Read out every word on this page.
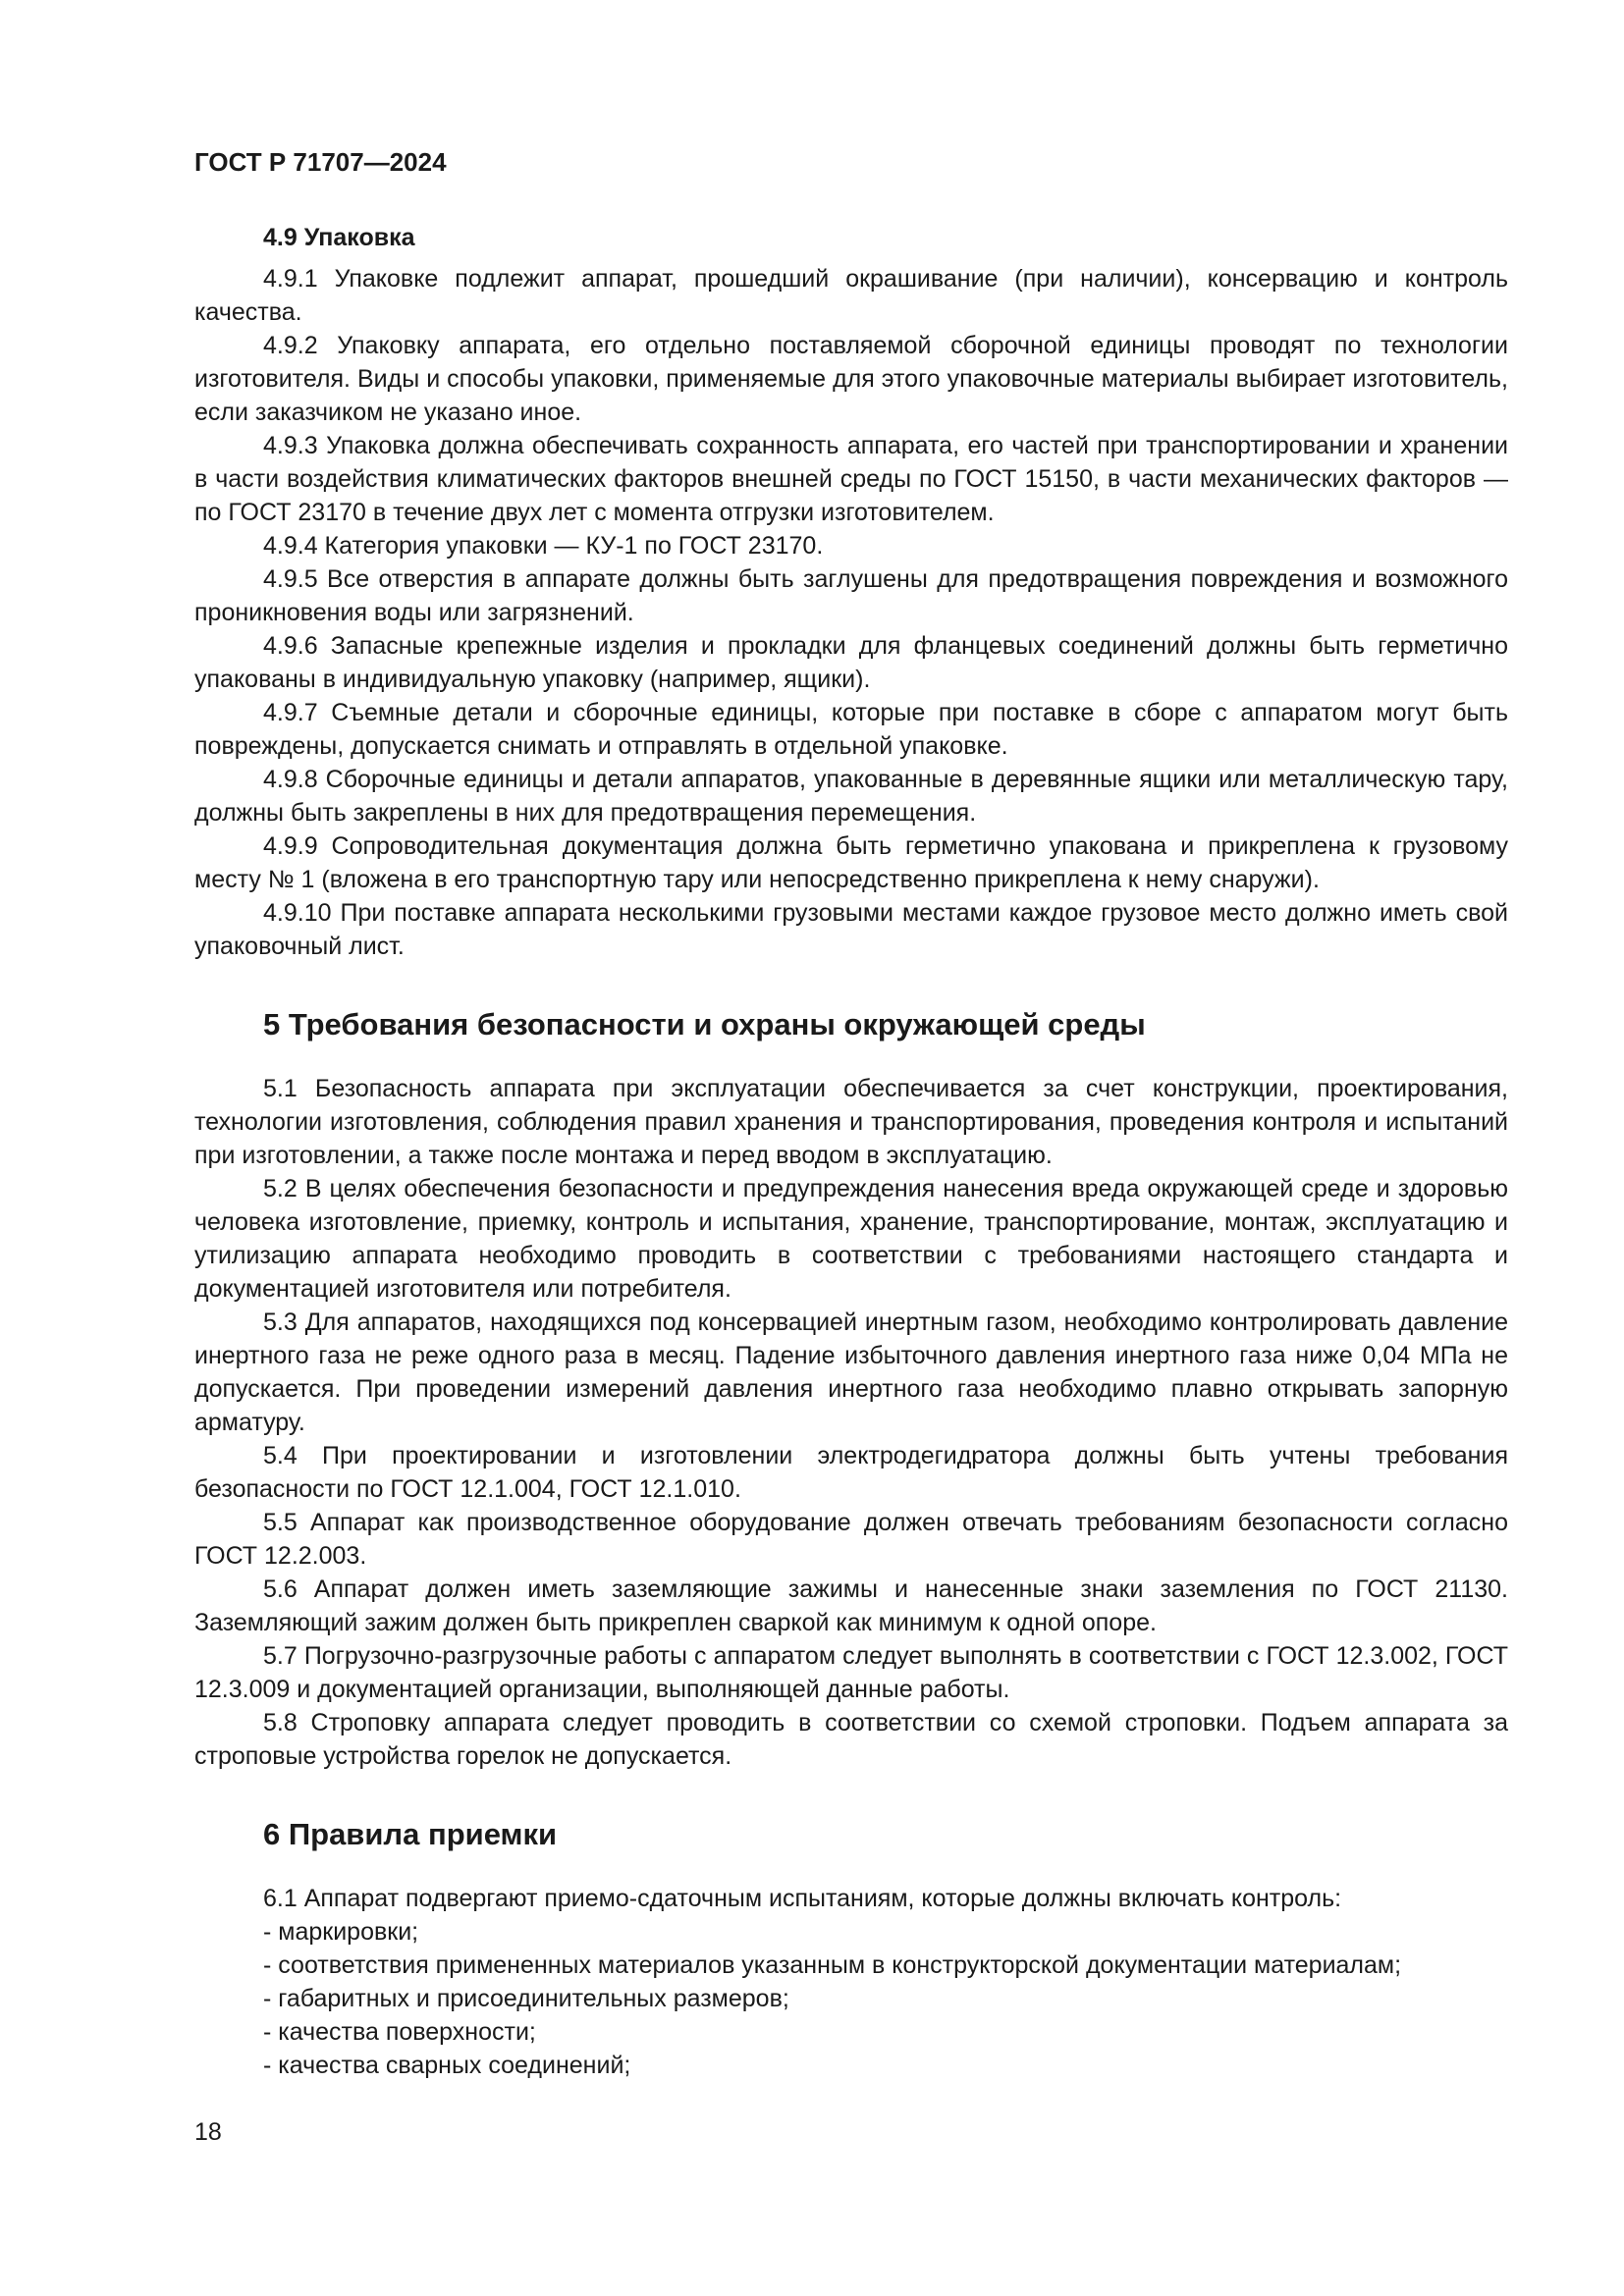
ГОСТ Р 71707—2024

4.9 Упаковка

4.9.1 Упаковке подлежит аппарат, прошедший окрашивание (при наличии), консервацию и контроль качества.

4.9.2 Упаковку аппарата, его отдельно поставляемой сборочной единицы проводят по технологии изготовителя. Виды и способы упаковки, применяемые для этого упаковочные материалы выбирает изготовитель, если заказчиком не указано иное.

4.9.3 Упаковка должна обеспечивать сохранность аппарата, его частей при транспортировании и хранении в части воздействия климатических факторов внешней среды по ГОСТ 15150, в части механических факторов — по ГОСТ 23170 в течение двух лет с момента отгрузки изготовителем.

4.9.4 Категория упаковки — КУ-1 по ГОСТ 23170.

4.9.5 Все отверстия в аппарате должны быть заглушены для предотвращения повреждения и возможного проникновения воды или загрязнений.

4.9.6 Запасные крепежные изделия и прокладки для фланцевых соединений должны быть герметично упакованы в индивидуальную упаковку (например, ящики).

4.9.7 Съемные детали и сборочные единицы, которые при поставке в сборе с аппаратом могут быть повреждены, допускается снимать и отправлять в отдельной упаковке.

4.9.8 Сборочные единицы и детали аппаратов, упакованные в деревянные ящики или металлическую тару, должны быть закреплены в них для предотвращения перемещения.

4.9.9 Сопроводительная документация должна быть герметично упакована и прикреплена к грузовому месту № 1 (вложена в его транспортную тару или непосредственно прикреплена к нему снаружи).

4.9.10 При поставке аппарата несколькими грузовыми местами каждое грузовое место должно иметь свой упаковочный лист.

5 Требования безопасности и охраны окружающей среды

5.1 Безопасность аппарата при эксплуатации обеспечивается за счет конструкции, проектирования, технологии изготовления, соблюдения правил хранения и транспортирования, проведения контроля и испытаний при изготовлении, а также после монтажа и перед вводом в эксплуатацию.

5.2 В целях обеспечения безопасности и предупреждения нанесения вреда окружающей среде и здоровью человека изготовление, приемку, контроль и испытания, хранение, транспортирование, монтаж, эксплуатацию и утилизацию аппарата необходимо проводить в соответствии с требованиями настоящего стандарта и документацией изготовителя или потребителя.

5.3 Для аппаратов, находящихся под консервацией инертным газом, необходимо контролировать давление инертного газа не реже одного раза в месяц. Падение избыточного давления инертного газа ниже 0,04 МПа не допускается. При проведении измерений давления инертного газа необходимо плавно открывать запорную арматуру.

5.4 При проектировании и изготовлении электродегидратора должны быть учтены требования безопасности по ГОСТ 12.1.004, ГОСТ 12.1.010.

5.5 Аппарат как производственное оборудование должен отвечать требованиям безопасности согласно ГОСТ 12.2.003.

5.6 Аппарат должен иметь заземляющие зажимы и нанесенные знаки заземления по ГОСТ 21130. Заземляющий зажим должен быть прикреплен сваркой как минимум к одной опоре.

5.7 Погрузочно-разгрузочные работы с аппаратом следует выполнять в соответствии с ГОСТ 12.3.002, ГОСТ 12.3.009 и документацией организации, выполняющей данные работы.

5.8 Строповку аппарата следует проводить в соответствии со схемой строповки. Подъем аппарата за строповые устройства горелок не допускается.

6 Правила приемки

6.1 Аппарат подвергают приемо-сдаточным испытаниям, которые должны включать контроль:

- маркировки;
- соответствия примененных материалов указанным в конструкторской документации материалам;
- габаритных и присоединительных размеров;
- качества поверхности;
- качества сварных соединений;

18
